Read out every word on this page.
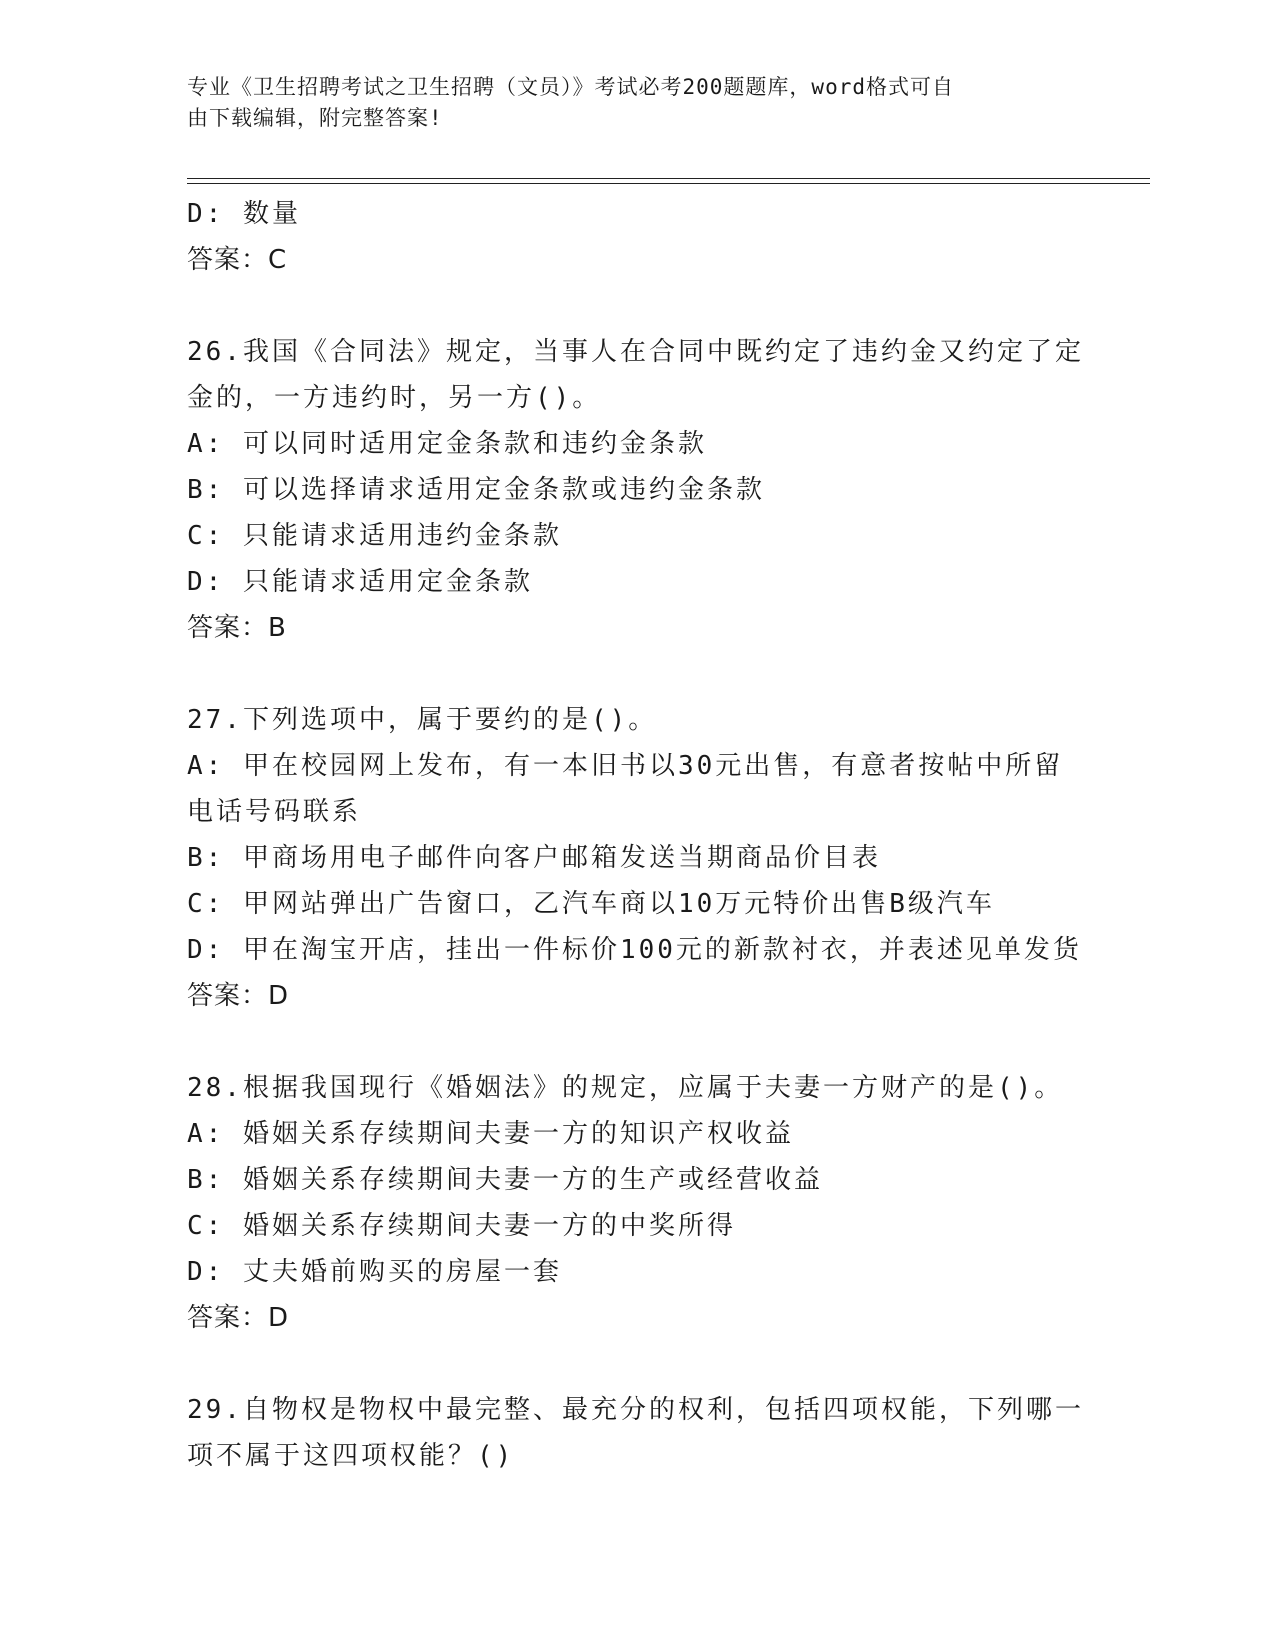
专业《卫生招聘考试之卫生招聘（文员）》考试必考200题题库，word格式可自
由下载编辑，附完整答案!
D: 数量
答案：C
26.我国《合同法》规定，当事人在合同中既约定了违约金又约定了定
金的，一方违约时，另一方()。
A: 可以同时适用定金条款和违约金条款
B: 可以选择请求适用定金条款或违约金条款
C: 只能请求适用违约金条款
D: 只能请求适用定金条款
答案：B
27.下列选项中，属于要约的是()。
A: 甲在校园网上发布，有一本旧书以30元出售，有意者按帖中所留
电话号码联系
B: 甲商场用电子邮件向客户邮箱发送当期商品价目表
C: 甲网站弹出广告窗口，乙汽车商以10万元特价出售B级汽车
D: 甲在淘宝开店，挂出一件标价100元的新款衬衣，并表述见单发货
答案：D
28.根据我国现行《婚姻法》的规定，应属于夫妻一方财产的是()。
A: 婚姻关系存续期间夫妻一方的知识产权收益
B: 婚姻关系存续期间夫妻一方的生产或经营收益
C: 婚姻关系存续期间夫妻一方的中奖所得
D: 丈夫婚前购买的房屋一套
答案：D
29.自物权是物权中最完整、最充分的权利，包括四项权能，下列哪一
项不属于这四项权能？()
